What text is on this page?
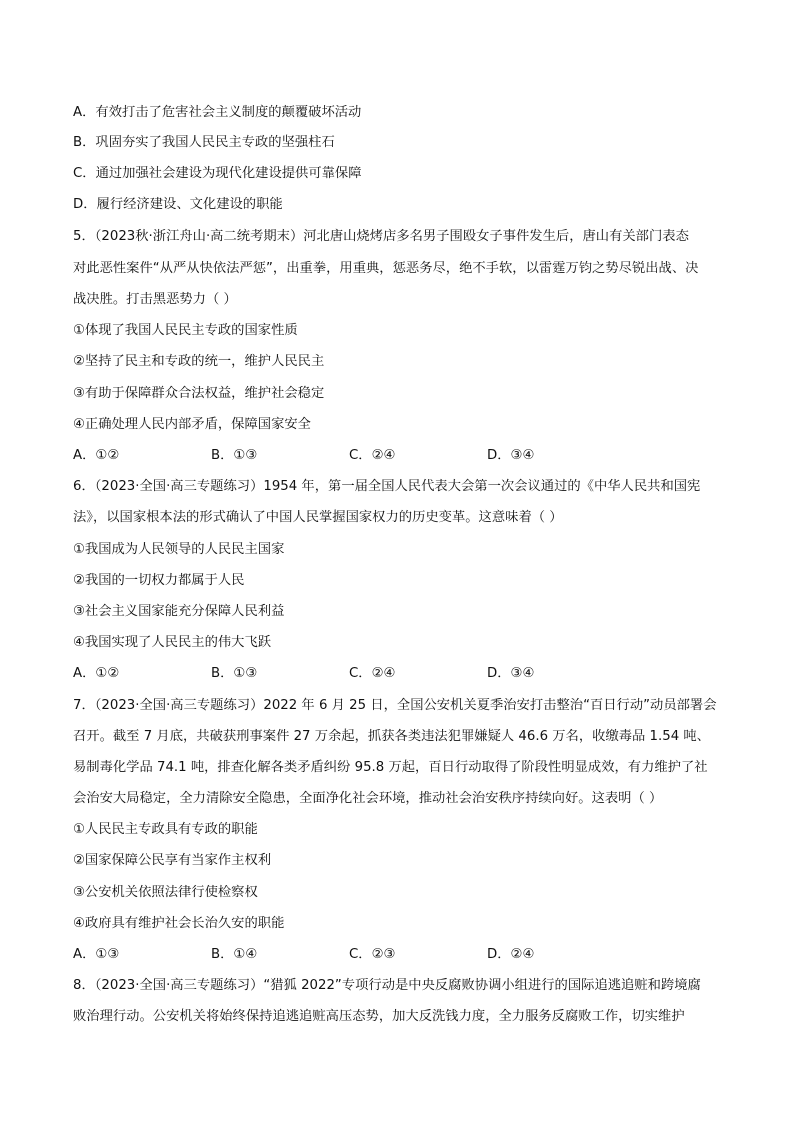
A．有效打击了危害社会主义制度的颠覆破坏活动
B．巩固夯实了我国人民民主专政的坚强柱石
C．通过加强社会建设为现代化建设提供可靠保障
D．履行经济建设、文化建设的职能
5．（2023秋·浙江舟山·高二统考期末）河北唐山烧烤店多名男子围殴女子事件发生后，唐山有关部门表态
对此恶性案件“从严从快依法严惩”，出重拳，用重典，惩恶务尽，绝不手软，以雷霆万钧之势尽锐出战、决
战决胜。打击黑恶势力（ ）
①体现了我国人民民主专政的国家性质
②坚持了民主和专政的统一，维护人民民主
③有助于保障群众合法权益，维护社会稳定
④正确处理人民内部矛盾，保障国家安全
A．①②	B．①③	C．②④	D．③④
6．（2023·全国·高三专题练习）1954 年，第一届全国人民代表大会第一次会议通过的《中华人民共和国宪
法》，以国家根本法的形式确认了中国人民掌握国家权力的历史变革。这意味着（ ）
①我国成为人民领导的人民民主国家
②我国的一切权力都属于人民
③社会主义国家能充分保障人民利益
④我国实现了人民民主的伟大飞跃
A．①②	B．①③	C．②④	D．③④
7．（2023·全国·高三专题练习）2022 年 6 月 25 日，全国公安机关夏季治安打击整治“百日行动”动员部署会
召开。截至 7 月底，共破获刑事案件 27 万余起，抓获各类违法犯罪嫌疑人 46.6 万名，收缴毒品 1.54 吨、
易制毒化学品 74.1 吨，排查化解各类矛盾纠纷 95.8 万起，百日行动取得了阶段性明显成效，有力维护了社
会治安大局稳定，全力清除安全隐患，全面净化社会环境，推动社会治安秩序持续向好。这表明（ ）
①人民民主专政具有专政的职能
②国家保障公民享有当家作主权利
③公安机关依照法律行使检察权
④政府具有维护社会长治久安的职能
A．①③	B．①④	C．②③	D．②④
8．（2023·全国·高三专题练习）“猎狐 2022”专项行动是中央反腐败协调小组进行的国际追逃追赃和跨境腐
败治理行动。公安机关将始终保持追逃追赃高压态势，加大反洗钱力度，全力服务反腐败工作，切实维护
